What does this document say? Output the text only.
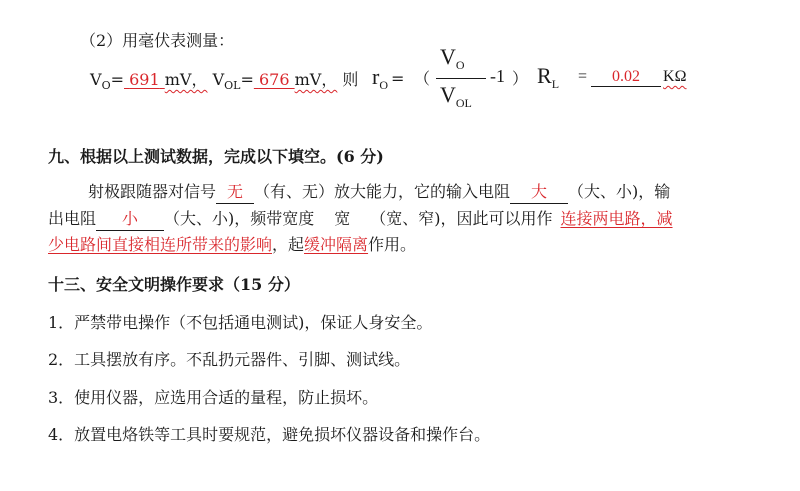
（2）用毫伏表测量：
$V_O= 691$ mV， $V_{OL}= 676$ mV， 则 $r_O$ = （
$V_O$
$V_{OL}$
-1 ） $R_L = 0.02$ KΩ
九、根据以上测试数据，完成以下填空。(6 分)
射极跟随器对信号 无 （有、无）放大能力，它的输入电阻 大 （大、小)，输
出电阻 小 （大、小)，频带宽度 宽 （宽、窄)，因此可以用作 连接两电路，减
少电路间直接相连所带来的影响，起缓冲隔离作用。
十三、安全文明操作要求（15 分）
1．严禁带电操作（不包括通电测试)，保证人身安全。
2．工具摆放有序。不乱扔元器件、引脚、测试线。
3．使用仪器，应选用合适的量程，防止损坏。
4．放置电烙铁等工具时要规范，避免损坏仪器设备和操作台。
